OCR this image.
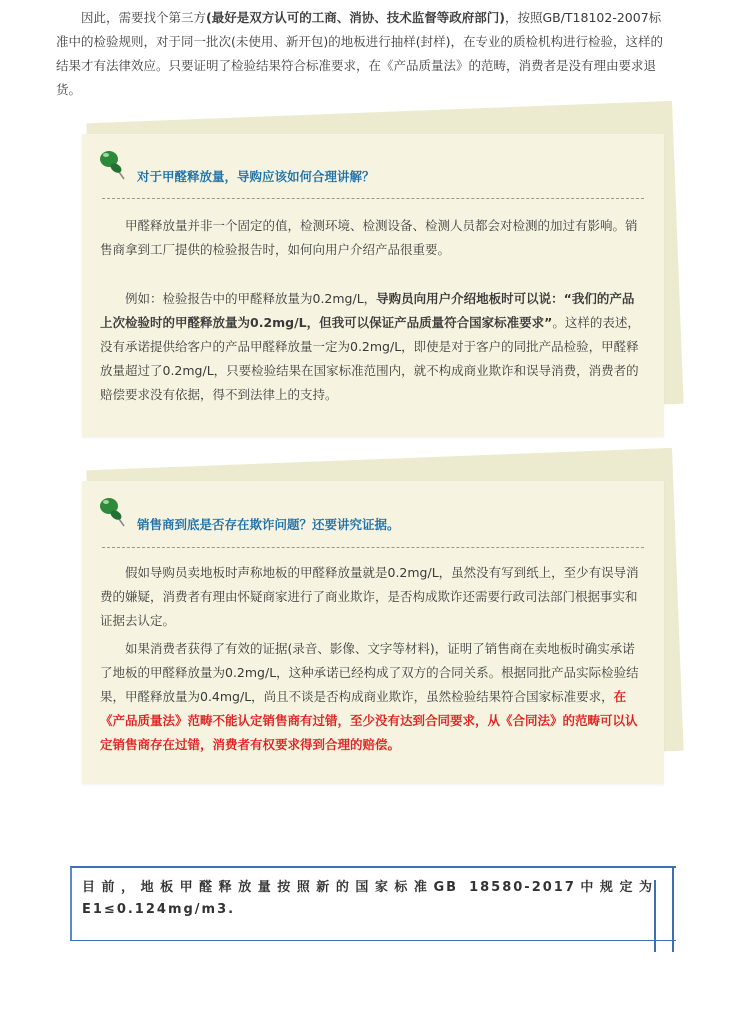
因此，需要找个第三方(最好是双方认可的工商、消协、技术监督等政府部门)，按照GB/T18102-2007标准中的检验规则，对于同一批次(未使用、新开包)的地板进行抽样(封样)，在专业的质检机构进行检验，这样的结果才有法律效应。只要证明了检验结果符合标准要求，在《产品质量法》的范畴，消费者是没有理由要求退货。

对于甲醛释放量，导购应该如何合理讲解？

甲醛释放量并非一个固定的值，检测环境、检测设备、检测人员都会对检测的加过有影响。销售商拿到工厂提供的检验报告时，如何向用户介绍产品很重要。

例如：检验报告中的甲醛释放量为0.2mg/L，导购员向用户介绍地板时可以说：“我们的产品上次检验时的甲醛释放量为0.2mg/L，但我可以保证产品质量符合国家标准要求”。这样的表述，没有承诺提供给客户的产品甲醛释放量一定为0.2mg/L，即使是对于客户的同批产品检验，甲醛释放量超过了0.2mg/L，只要检验结果在国家标准范围内，就不构成商业欺诈和误导消费，消费者的赔偿要求没有依据，得不到法律上的支持。

销售商到底是否存在欺诈问题？还要讲究证据。

假如导购员卖地板时声称地板的甲醛释放量就是0.2mg/L，虽然没有写到纸上，至少有误导消费的嫌疑，消费者有理由怀疑商家进行了商业欺诈，是否构成欺诈还需要行政司法部门根据事实和证据去认定。

如果消费者获得了有效的证据(录音、影像、文字等材料)，证明了销售商在卖地板时确实承诺了地板的甲醛释放量为0.2mg/L，这种承诺已经构成了双方的合同关系。根据同批产品实际检验结果，甲醛释放量为0.4mg/L，尚且不谈是否构成商业欺诈，虽然检验结果符合国家标准要求，在《产品质量法》范畴不能认定销售商有过错，至少没有达到合同要求，从《合同法》的范畴可以认定销售商存在过错，消费者有权要求得到合理的赔偿。

目前，地板甲醛释放量按照新的国家标准GB 18580-2017中规定为E1≤0.124mg/m3.
